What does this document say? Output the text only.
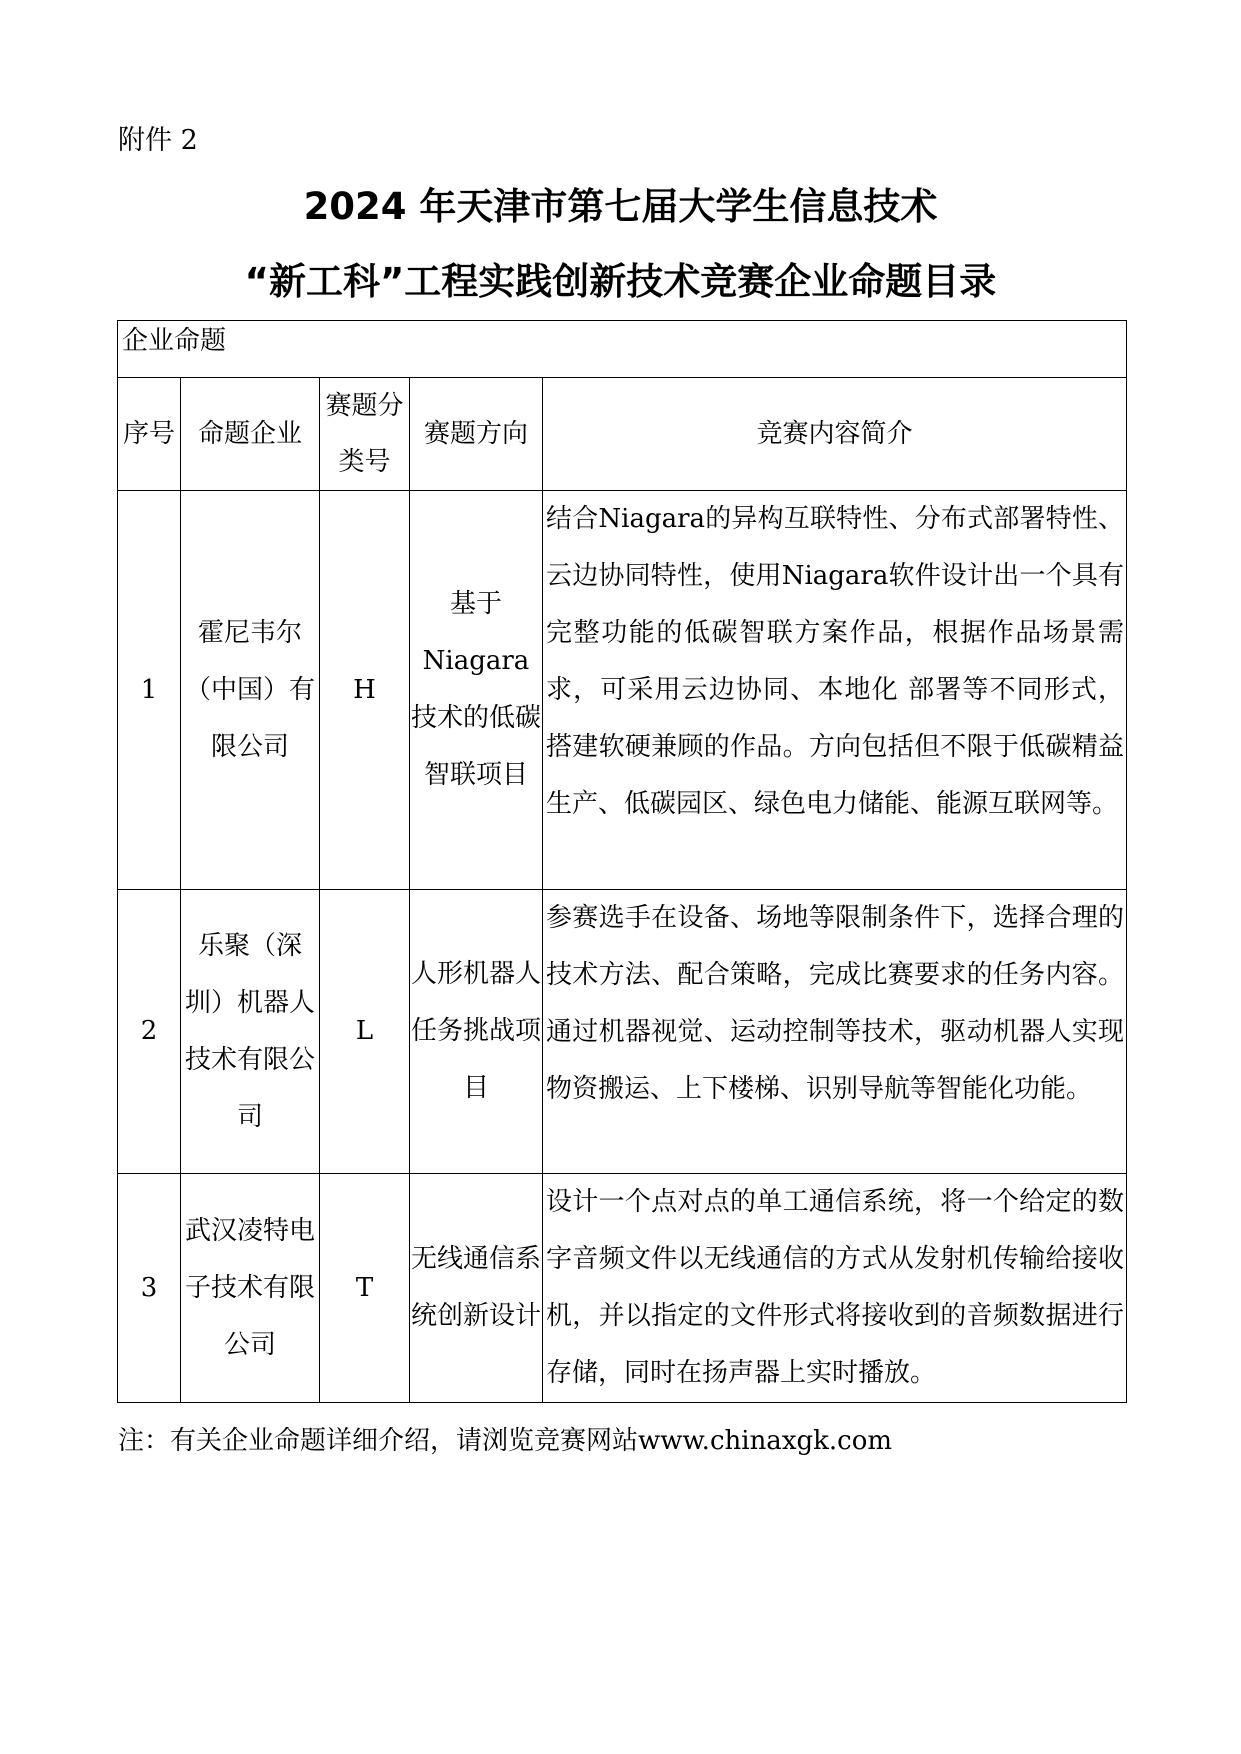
附件 2
2024 年天津市第七届大学生信息技术
“新工科”工程实践创新技术竞赛企业命题目录
企业命题				
序号	命题企业	赛题分类号	赛题方向	竞赛内容简介
1	霍尼韦尔（中国）有限公司	H	基于Niagara技术的低碳智联项目	结合Niagara的异构互联特性、分布式部署特性、云边协同特性，使用Niagara软件设计出一个具有完整功能的低碳智联方案作品，根据作品场景需求，可采用云边协同、本地化 部署等不同形式，搭建软硬兼顾的作品。方向包括但不限于低碳精益生产、低碳园区、绿色电力储能、能源互联网等。
2	乐聚（深圳）机器人技术有限公司	L	人形机器人任务挑战项目	参赛选手在设备、场地等限制条件下，选择合理的技术方法、配合策略，完成比赛要求的任务内容。通过机器视觉、运动控制等技术，驱动机器人实现物资搬运、上下楼梯、识别导航等智能化功能。
3	武汉凌特电子技术有限公司	T	无线通信系统创新设计	设计一个点对点的单工通信系统，将一个给定的数字音频文件以无线通信的方式从发射机传输给接收机，并以指定的文件形式将接收到的音频数据进行存储，同时在扬声器上实时播放。
注：有关企业命题详细介绍，请浏览竞赛网站www.chinaxgk.com
